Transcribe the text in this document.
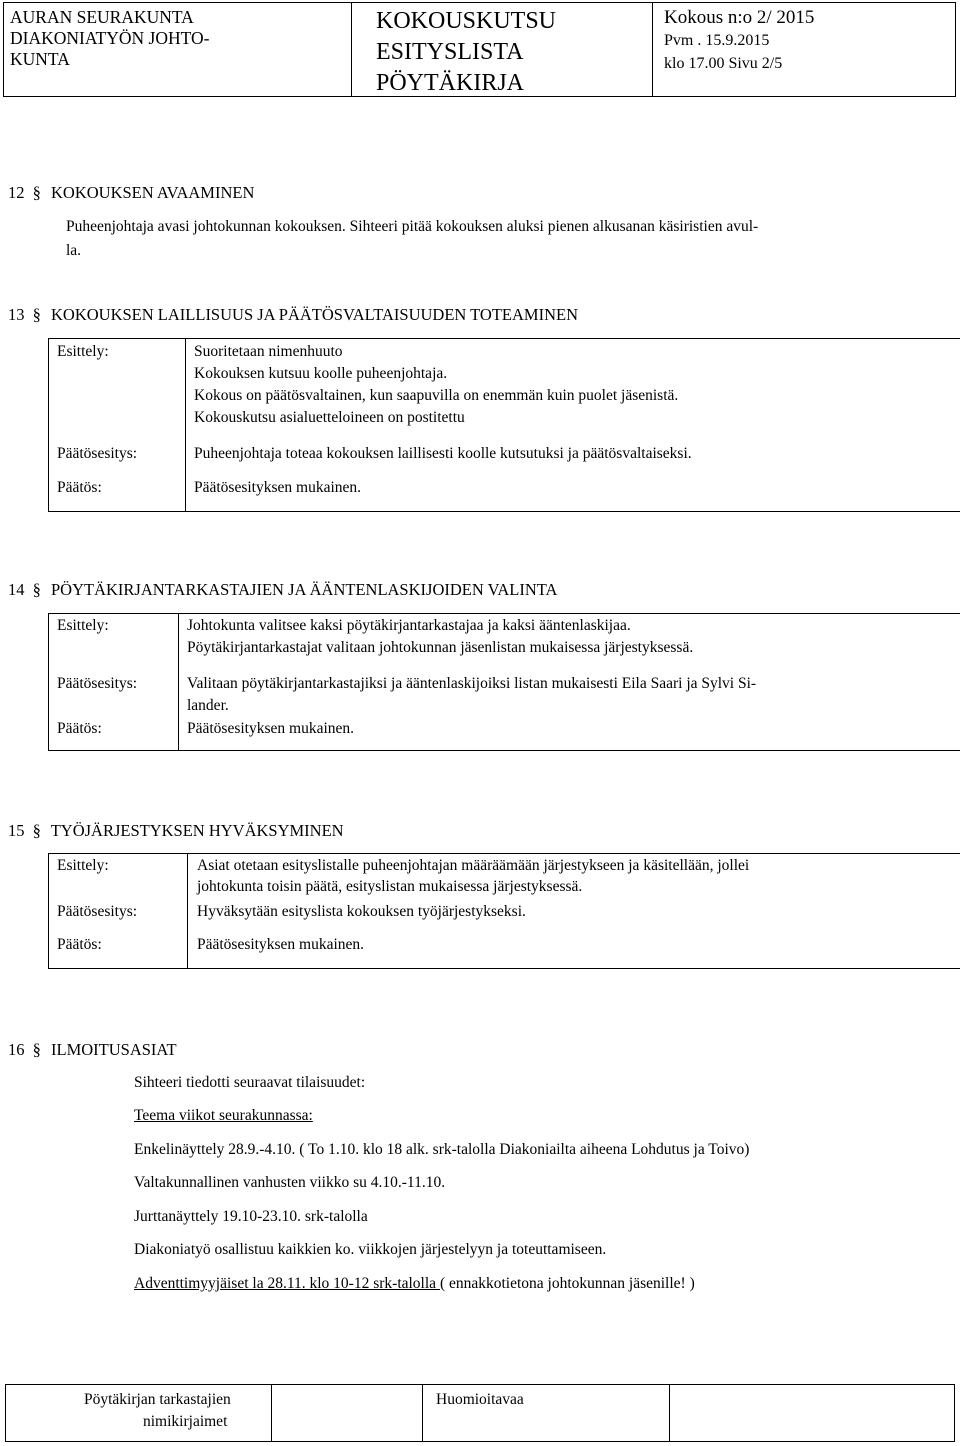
AURAN SEURAKUNTA
DIAKONIATYÖN JOHTO-
KUNTA
KOKOUSKUTSU
ESITYSLISTA
PÖYTÄKIRJA
Kokous n:o 2/ 2015
Pvm . 15.9.2015
klo 17.00 Sivu 2/5
12 § KOKOUKSEN AVAAMINEN
Puheenjohtaja avasi johtokunnan kokouksen. Sihteeri pitää kokouksen aluksi pienen alkusanan käsiristien avul-
la.
13 § KOKOUKSEN LAILLISUUS JA PÄÄTÖSVALTAISUUDEN TOTEAMINEN
Esittely:
Päätösesitys:
Päätös:
Suoritetaan nimenhuuto
Kokouksen kutsuu koolle puheenjohtaja.
Kokous on päätösvaltainen, kun saapuvilla on enemmän kuin puolet jäsenistä.
Kokouskutsu asialuetteloineen on postitettu
Puheenjohtaja toteaa kokouksen laillisesti koolle kutsutuksi ja päätösvaltaiseksi.
Päätösesityksen mukainen.
14 § PÖYTÄKIRJANTARKASTAJIEN JA ÄÄNTENLASKIJOIDEN VALINTA
Esittely:
Päätösesitys:
Päätös:
Johtokunta valitsee kaksi pöytäkirjantarkastajaa ja kaksi ääntenlaskijaa.
Pöytäkirjantarkastajat valitaan johtokunnan jäsenlistan mukaisessa järjestyksessä.
Valitaan pöytäkirjantarkastajiksi ja ääntenlaskijoiksi listan mukaisesti Eila Saari ja Sylvi Si-
lander.
Päätösesityksen mukainen.
15 § TYÖJÄRJESTYKSEN HYVÄKSYMINEN
Esittely:
Päätösesitys:
Päätös:
Asiat otetaan esityslistalle puheenjohtajan määräämään järjestykseen ja käsitellään, jollei
johtokunta toisin päätä, esityslistan mukaisessa järjestyksessä.
Hyväksytään esityslista kokouksen työjärjestykseksi.
Päätösesityksen mukainen.
16 § ILMOITUSASIAT
Sihteeri tiedotti seuraavat tilaisuudet:
Teema viikot seurakunnassa:
Enkelinäyttely 28.9.-4.10. ( To 1.10. klo 18 alk. srk-talolla Diakoniailta aiheena Lohdutus ja Toivo)
Valtakunnallinen vanhusten viikko su 4.10.-11.10.
Jurttanäyttely 19.10-23.10. srk-talolla
Diakoniatyö osallistuu kaikkien ko. viikkojen järjestelyyn ja toteuttamiseen.
Adventtimyyjäiset la 28.11. klo 10-12 srk-talolla ( ennakkotietona johtokunnan jäsenille! )
Pöytäkirjan tarkastajien
nimikirjaimet
Huomioitavaa
